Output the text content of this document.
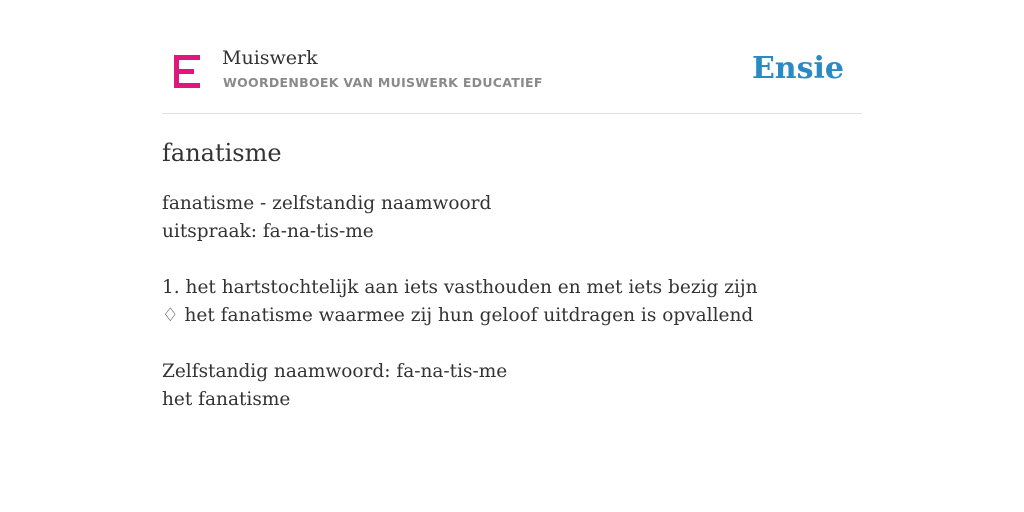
Muiswerk
WOORDENBOEK VAN MUISWERK EDUCATIEF	Ensie
fanatisme
fanatisme - zelfstandig naamwoord
uitspraak: fa-na-tis-me
1. het hartstochtelijk aan iets vasthouden en met iets bezig zijn
♢ het fanatisme waarmee zij hun geloof uitdragen is opvallend
Zelfstandig naamwoord: fa-na-tis-me
het fanatisme
